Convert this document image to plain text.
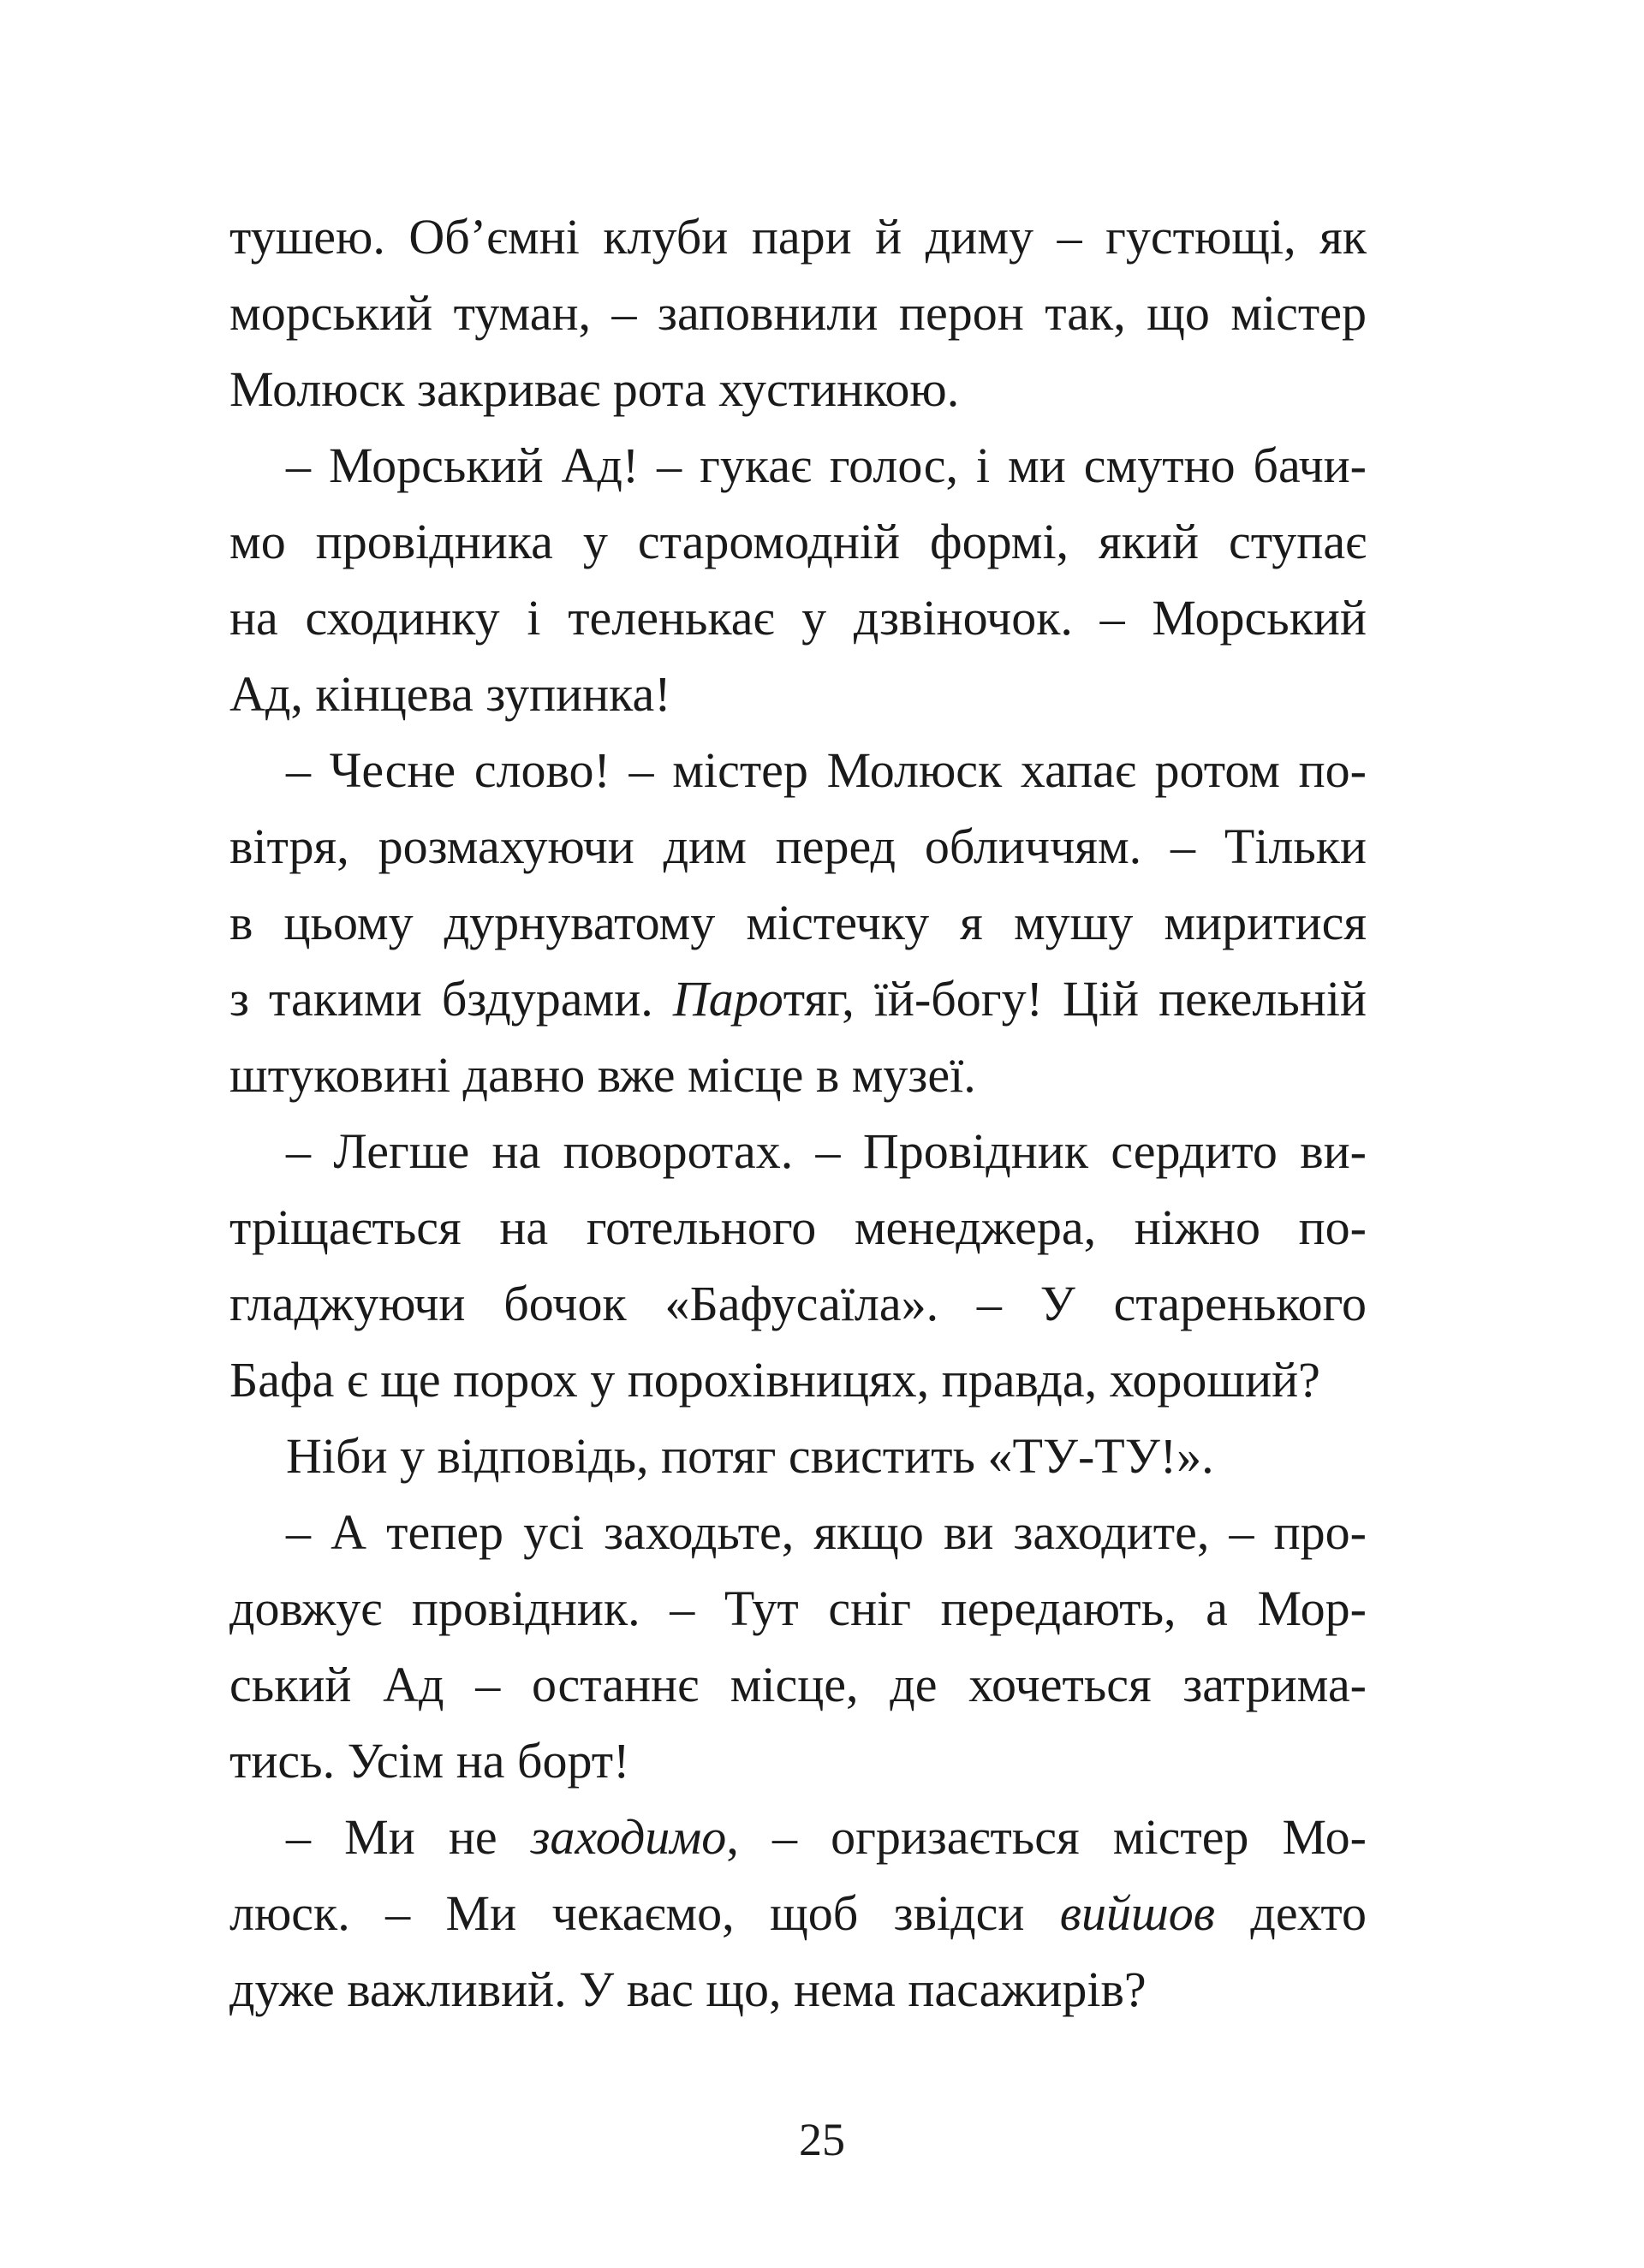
тушею. Об’ємні клуби пари й диму – густющі, як
морський туман, – заповнили перон так, що містер
Молюск закриває рота хустинкою.
– Морський Ад! – гукає голос, і ми смутно бачи-
мо провідника у старомодній формі, який ступає
на сходинку і теленькає у дзвіночок. – Морський
Ад, кінцева зупинка!
– Чесне слово! – містер Молюск хапає ротом по-
вітря, розмахуючи дим перед обличчям. – Тільки
в цьому дурнуватому містечку я мушу миритися
з такими бздурами. Паротяг, їй-богу! Цій пекельній
штуковині давно вже місце в музеї.
– Легше на поворотах. – Провідник сердито ви-
тріщається на готельного менеджера, ніжно по-
гладжуючи бочок «Бафусаїла». – У старенького
Бафа є ще порох у порохівницях, правда, хороший?
Ніби у відповідь, потяг свистить «ТУ-ТУ!».
– А тепер усі заходьте, якщо ви заходите, – про-
довжує провідник. – Тут сніг передають, а Мор-
ський Ад – останнє місце, де хочеться затрима-
тись. Усім на борт!
– Ми не заходимо, – огризається містер Мо-
люск. – Ми чекаємо, щоб звідси вийшов дехто
дуже важливий. У вас що, нема пасажирів?
25
